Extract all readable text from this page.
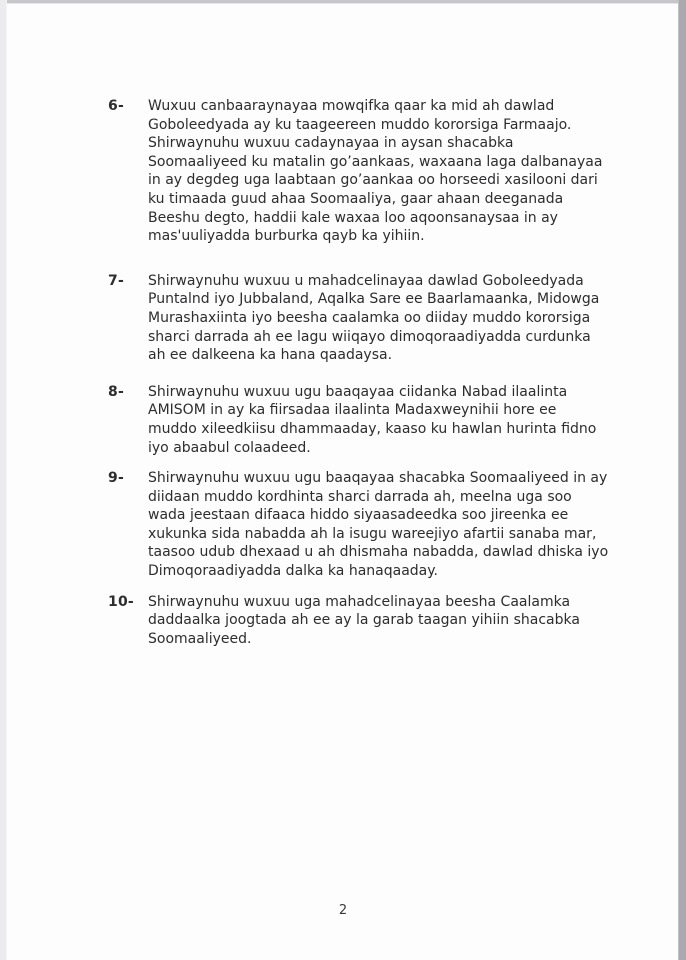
6-	Wuxuu canbaaraynayaa mowqifka qaar ka mid ah dawlad
Goboleedyada ay ku taageereen muddo kororsiga Farmaajo.
Shirwaynuhu wuxuu cadaynayaa in aysan shacabka
Soomaaliyeed ku matalin go’aankaas, waxaana laga dalbanayaa
in ay degdeg uga laabtaan go’aankaa oo horseedi xasilooni dari
ku timaada guud ahaa Soomaaliya, gaar ahaan deeganada
Beeshu degto, haddii kale waxaa loo aqoonsanaysaa in ay
mas'uuliyadda burburka qayb ka yihiin.
7-	Shirwaynuhu wuxuu u mahadcelinayaa dawlad Goboleedyada
Puntalnd iyo Jubbaland, Aqalka Sare ee Baarlamaanka, Midowga
Murashaxiinta iyo beesha caalamka oo diiday muddo kororsiga
sharci darrada ah ee lagu wiiqayo dimoqoraadiyadda curdunka
ah ee dalkeena ka hana qaadaysa.
8-	Shirwaynuhu wuxuu ugu baaqayaa ciidanka Nabad ilaalinta
AMISOM in ay ka fiirsadaa ilaalinta Madaxweynihii hore ee
muddo xileedkiisu dhammaaday, kaaso ku hawlan hurinta fidno
iyo abaabul colaadeed.
9-	Shirwaynuhu wuxuu ugu baaqayaa shacabka Soomaaliyeed in ay
diidaan muddo kordhinta sharci darrada ah, meelna uga soo
wada jeestaan difaaca hiddo siyaasadeedka soo jireenka ee
xukunka sida nabadda ah la isugu wareejiyo afartii sanaba mar,
taasoo udub dhexaad u ah dhismaha nabadda, dawlad dhiska iyo
Dimoqoraadiyadda dalka ka hanaqaaday.
10-	Shirwaynuhu wuxuu uga mahadcelinayaa beesha Caalamka
daddaalka joogtada ah ee ay la garab taagan yihiin shacabka
Soomaaliyeed.
2
